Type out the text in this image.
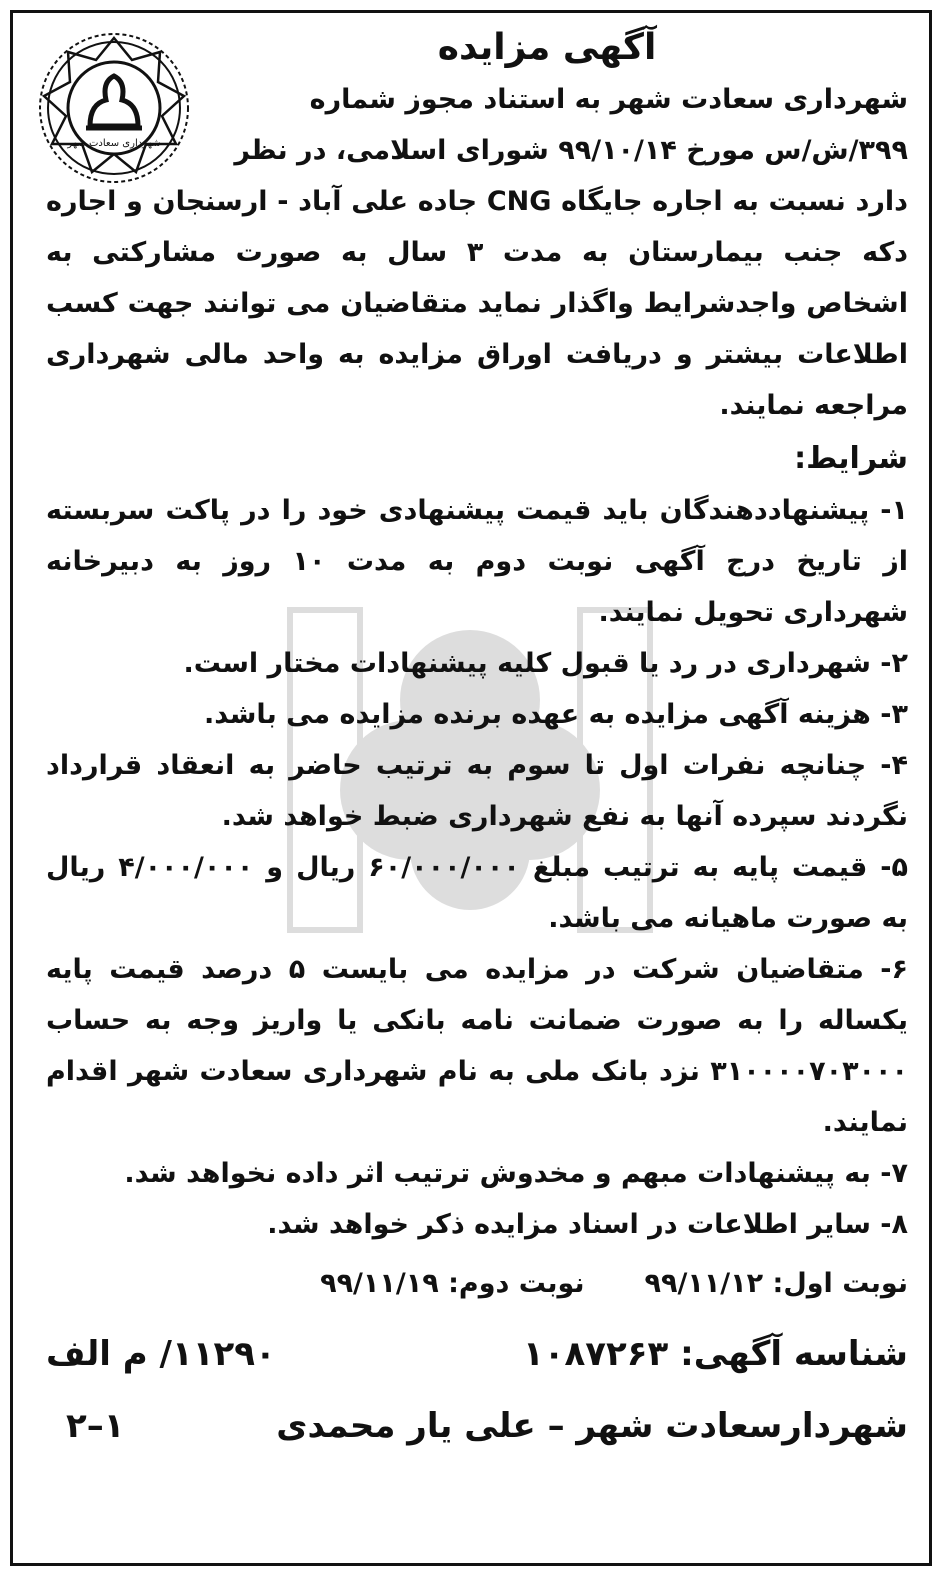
شهرداری سعادت شهر
آگهی مزایده

شهرداری سعادت شهر به استناد مجوز شماره

۳۹۹/ش/س مورخ ۹۹/۱۰/۱۴ شورای اسلامی، در نظر

دارد نسبت به اجاره جایگاه CNG جاده علی آباد - ارسنجان و اجاره دکه جنب بیمارستان به مدت ۳ سال به صورت مشارکتی به اشخاص واجدشرایط واگذار نماید متقاضیان می توانند جهت کسب اطلاعات بیشتر و دریافت اوراق مزایده به واحد مالی شهرداری مراجعه نمایند.

شرایط:

۱- پیشنهاددهندگان باید قیمت پیشنهادی خود را در پاکت سربسته از تاریخ درج آگهی نوبت دوم به مدت ۱۰ روز به دبیرخانه شهرداری تحویل نمایند.

۲- شهرداری در رد یا قبول کلیه پیشنهادات مختار است.

۳- هزینه آگهی مزایده به عهده برنده مزایده می باشد.

۴- چنانچه نفرات اول تا سوم به ترتیب حاضر به انعقاد قرارداد نگردند سپرده آنها به نفع شهرداری ضبط خواهد شد.

۵- قیمت پایه به ترتیب مبلغ ۶۰/۰۰۰/۰۰۰ ریال و ۴/۰۰۰/۰۰۰ ریال به صورت ماهیانه می باشد.

۶- متقاضیان شرکت در مزایده می بایست ۵ درصد قیمت پایه یکساله را به صورت ضمانت نامه بانکی یا واریز وجه به حساب ۳۱۰۰۰۰۷۰۳۰۰۰ نزد بانک ملی به نام شهرداری سعادت شهر اقدام نمایند.

۷- به پیشنهادات مبهم و مخدوش ترتیب اثر داده نخواهد شد.

۸- سایر اطلاعات در اسناد مزایده ذکر خواهد شد.

نوبت اول: ۹۹/۱۱/۱۲
نوبت دوم: ۹۹/۱۱/۱۹
شناسه آگهی: ۱۰۸۷۲۶۳
۱۱۲۹۰/ م الف
شهردارسعادت شهر – علی یار محمدی
۱–۲
